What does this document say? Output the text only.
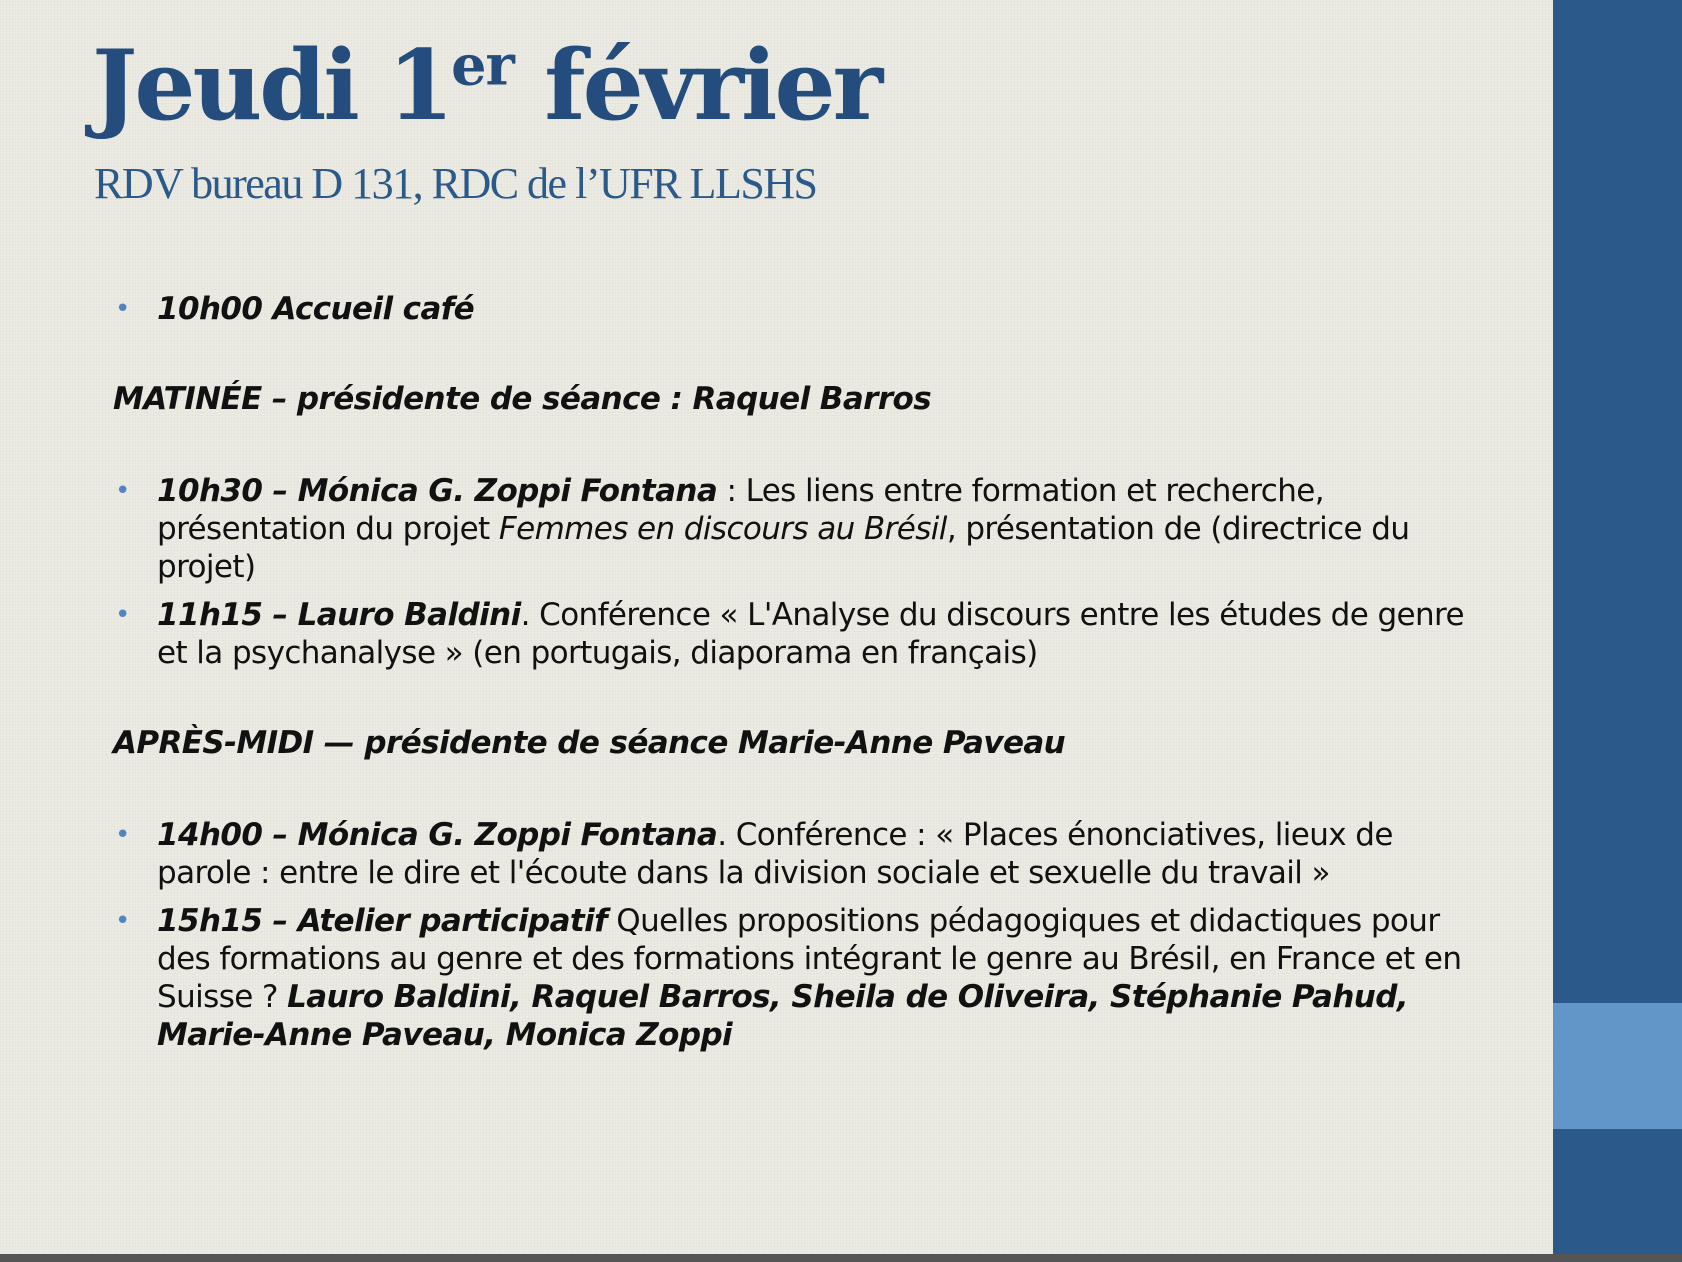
Jeudi 1er février

RDV bureau D 131, RDC de l’UFR LLSHS

• 10h00 Accueil café
MATINÉE – présidente de séance : Raquel Barros
• 10h30 – Mónica G. Zoppi Fontana : Les liens entre formation et recherche, présentation du projet Femmes en discours au Brésil, présentation de (directrice du projet)
• 11h15 – Lauro Baldini. Conférence « L'Analyse du discours entre les études de genre et la psychanalyse » (en portugais, diaporama en français)
APRÈS-MIDI — présidente de séance Marie-Anne Paveau
• 14h00 – Mónica G. Zoppi Fontana. Conférence : « Places énonciatives, lieux de parole : entre le dire et l'écoute dans la division sociale et sexuelle du travail »
• 15h15 – Atelier participatif Quelles propositions pédagogiques et didactiques pour des formations au genre et des formations intégrant le genre au Brésil, en France et en Suisse ? Lauro Baldini, Raquel Barros, Sheila de Oliveira, Stéphanie Pahud, Marie-Anne Paveau, Monica Zoppi
